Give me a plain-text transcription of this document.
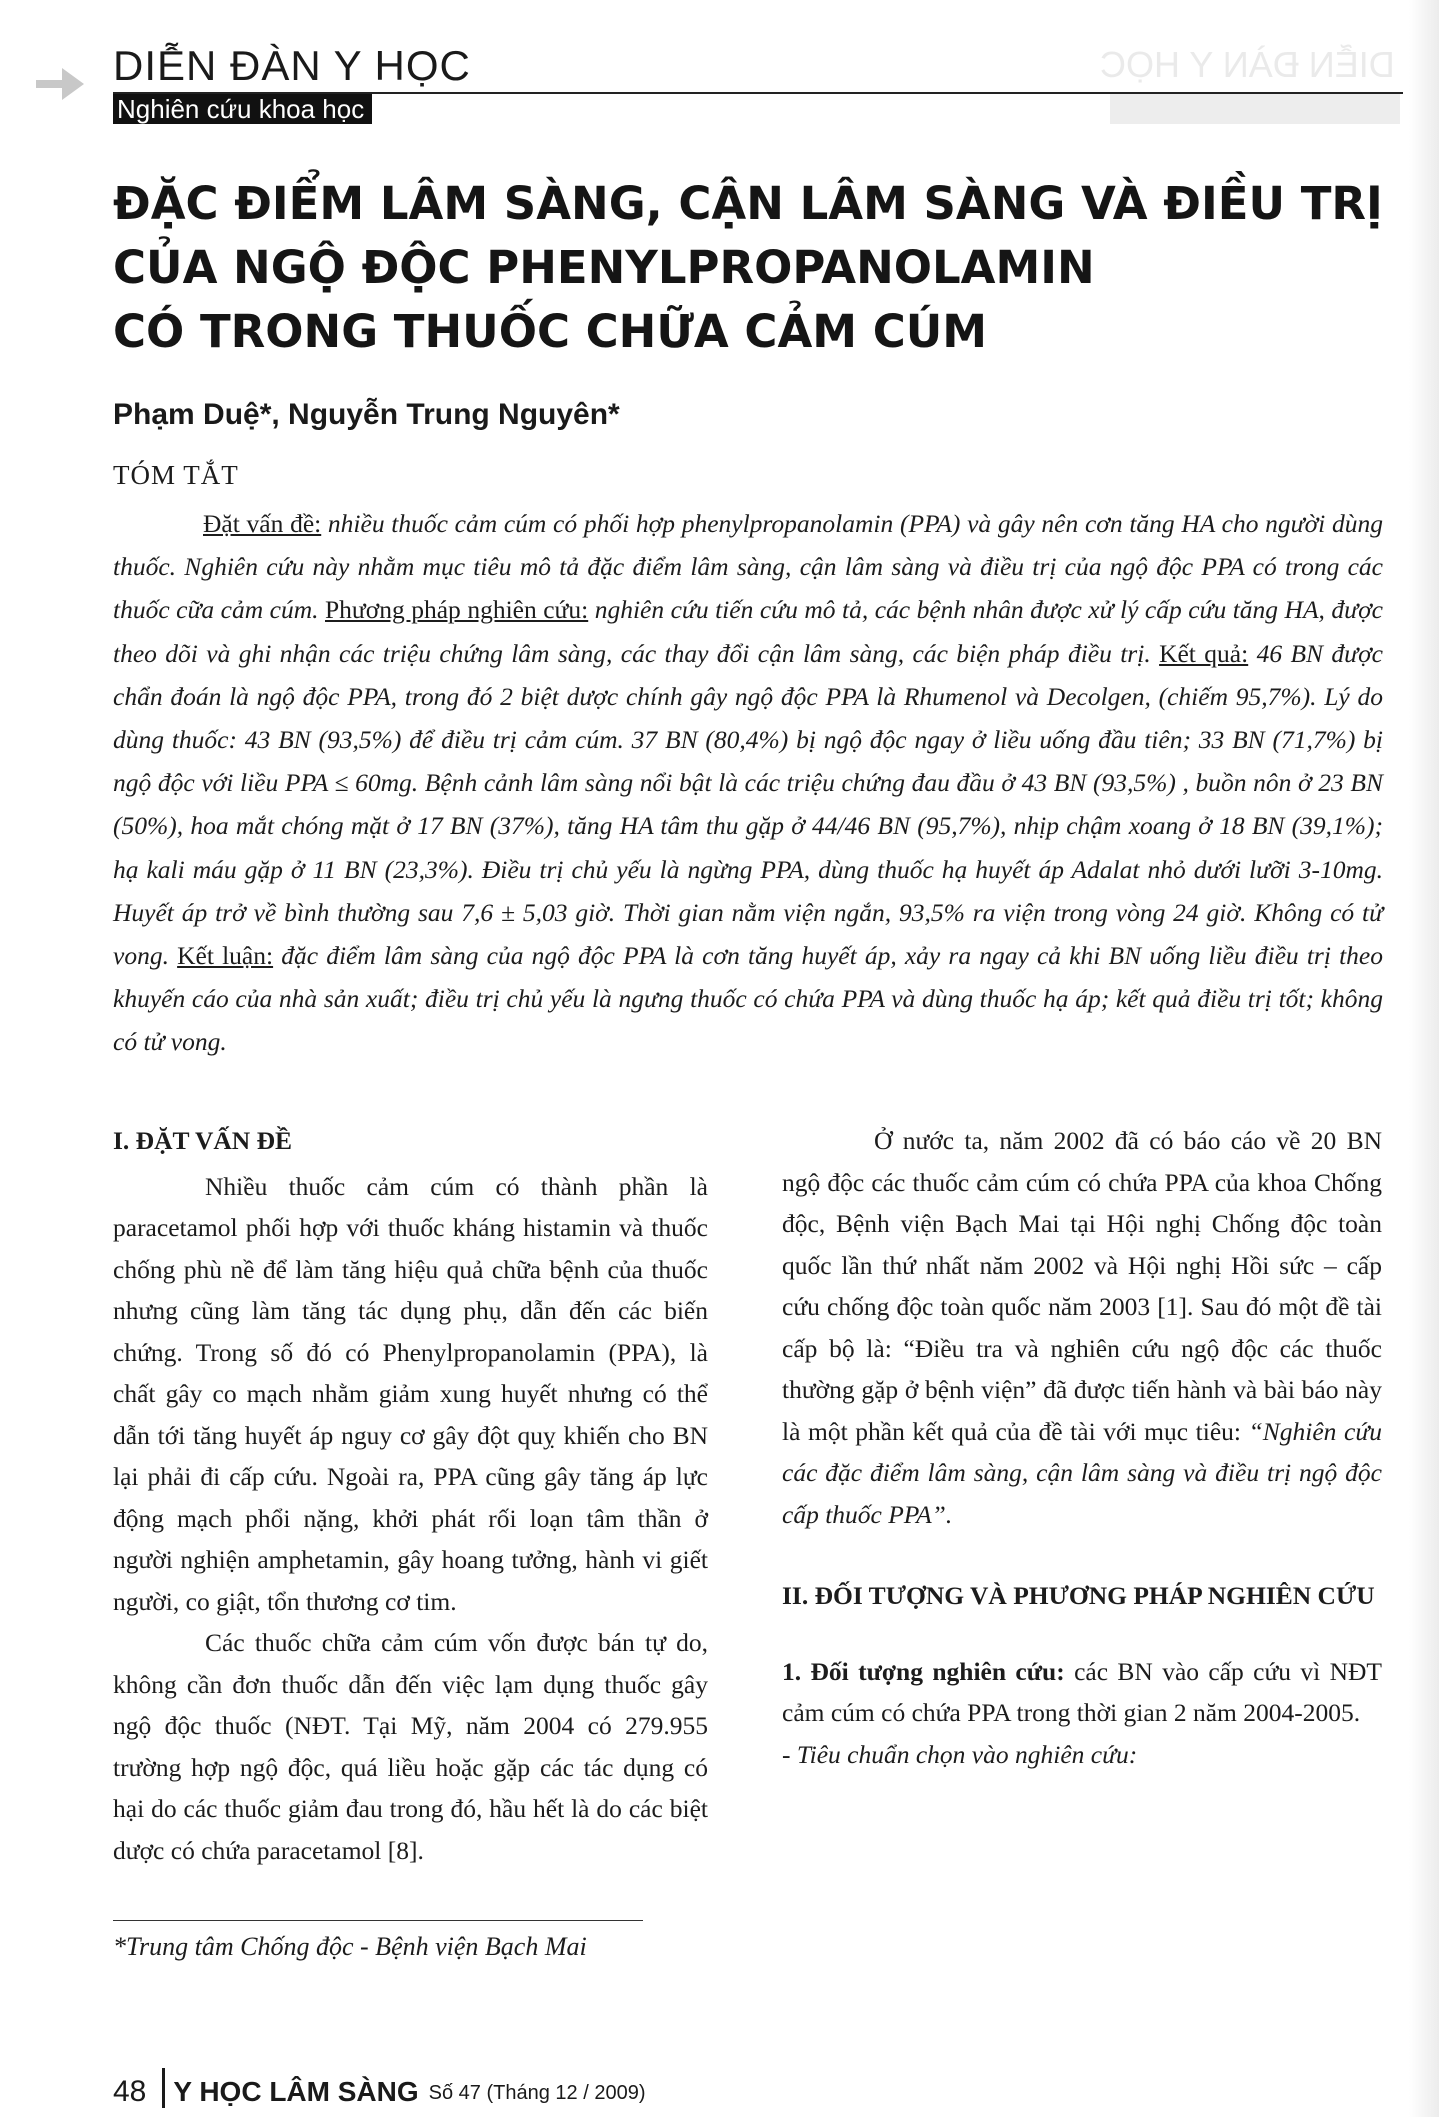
DIỄN ĐÀN Y HỌC
Nghiên cứu khoa học
DIỄN ĐÀN Y HỌC
ĐẶC ĐIỂM LÂM SÀNG, CẬN LÂM SÀNG VÀ ĐIỀU TRỊ
CỦA NGỘ ĐỘC PHENYLPROPANOLAMIN
CÓ TRONG THUỐC CHỮA CẢM CÚM
Phạm Duệ*, Nguyễn Trung Nguyên*
TÓM TẮT

Đặt vấn đề: nhiều thuốc cảm cúm có phối hợp phenylpropanolamin (PPA) và gây nên cơn tăng HA cho người dùng thuốc. Nghiên cứu này nhằm mục tiêu mô tả đặc điểm lâm sàng, cận lâm sàng và điều trị của ngộ độc PPA có trong các thuốc cữa cảm cúm. Phương pháp nghiên cứu: nghiên cứu tiến cứu mô tả, các bệnh nhân được xử lý cấp cứu tăng HA, được theo dõi và ghi nhận các triệu chứng lâm sàng, các thay đổi cận lâm sàng, các biện pháp điều trị. Kết quả: 46 BN được chẩn đoán là ngộ độc PPA, trong đó 2 biệt dược chính gây ngộ độc PPA là Rhumenol và Decolgen, (chiếm 95,7%). Lý do dùng thuốc: 43 BN (93,5%) để điều trị cảm cúm. 37 BN (80,4%) bị ngộ độc ngay ở liều uống đầu tiên; 33 BN (71,7%) bị ngộ độc với liều PPA ≤ 60mg. Bệnh cảnh lâm sàng nổi bật là các triệu chứng đau đầu ở 43 BN (93,5%) , buồn nôn ở 23 BN (50%), hoa mắt chóng mặt ở 17 BN (37%), tăng HA tâm thu gặp ở 44/46 BN (95,7%), nhịp chậm xoang ở 18 BN (39,1%); hạ kali máu gặp ở 11 BN (23,3%). Điều trị chủ yếu là ngừng PPA, dùng thuốc hạ huyết áp Adalat nhỏ dưới lưỡi 3-10mg. Huyết áp trở về bình thường sau 7,6 ± 5,03 giờ. Thời gian nằm viện ngắn, 93,5% ra viện trong vòng 24 giờ. Không có tử vong. Kết luận: đặc điểm lâm sàng của ngộ độc PPA là cơn tăng huyết áp, xảy ra ngay cả khi BN uống liều điều trị theo khuyến cáo của nhà sản xuất; điều trị chủ yếu là ngưng thuốc có chứa PPA và dùng thuốc hạ áp; kết quả điều trị tốt; không có tử vong.

I. ĐẶT VẤN ĐỀ

Nhiều thuốc cảm cúm có thành phần là paracetamol phối hợp với thuốc kháng histamin và thuốc chống phù nề để làm tăng hiệu quả chữa bệnh của thuốc nhưng cũng làm tăng tác dụng phụ, dẫn đến các biến chứng. Trong số đó có Phenylpropanolamin (PPA), là chất gây co mạch nhằm giảm xung huyết nhưng có thể dẫn tới tăng huyết áp nguy cơ gây đột quỵ khiến cho BN lại phải đi cấp cứu. Ngoài ra, PPA cũng gây tăng áp lực động mạch phổi nặng, khởi phát rối loạn tâm thần ở người nghiện amphetamin, gây hoang tưởng, hành vi giết người, co giật, tổn thương cơ tim.

Các thuốc chữa cảm cúm vốn được bán tự do, không cần đơn thuốc dẫn đến việc lạm dụng thuốc gây ngộ độc thuốc (NĐT. Tại Mỹ, năm 2004 có 279.955 trường hợp ngộ độc, quá liều hoặc gặp các tác dụng có hại do các thuốc giảm đau trong đó, hầu hết là do các biệt dược có chứa paracetamol [8].

Ở nước ta, năm 2002 đã có báo cáo về 20 BN ngộ độc các thuốc cảm cúm có chứa PPA của khoa Chống độc, Bệnh viện Bạch Mai tại Hội nghị Chống độc toàn quốc lần thứ nhất năm 2002 và Hội nghị Hồi sức – cấp cứu chống độc toàn quốc năm 2003 [1]. Sau đó một đề tài cấp bộ là: “Điều tra và nghiên cứu ngộ độc các thuốc thường gặp ở bệnh viện” đã được tiến hành và bài báo này là một phần kết quả của đề tài với mục tiêu: “Nghiên cứu các đặc điểm lâm sàng, cận lâm sàng và điều trị ngộ độc cấp thuốc PPA”.

II. ĐỐI TƯỢNG VÀ PHƯƠNG PHÁP NGHIÊN CỨU

1. Đối tượng nghiên cứu: các BN vào cấp cứu vì NĐT cảm cúm có chứa PPA trong thời gian 2 năm 2004-2005.

- Tiêu chuẩn chọn vào nghiên cứu:

*Trung tâm Chống độc - Bệnh viện Bạch Mai
48 Y HỌC LÂM SÀNG Số 47 (Tháng 12 / 2009)
